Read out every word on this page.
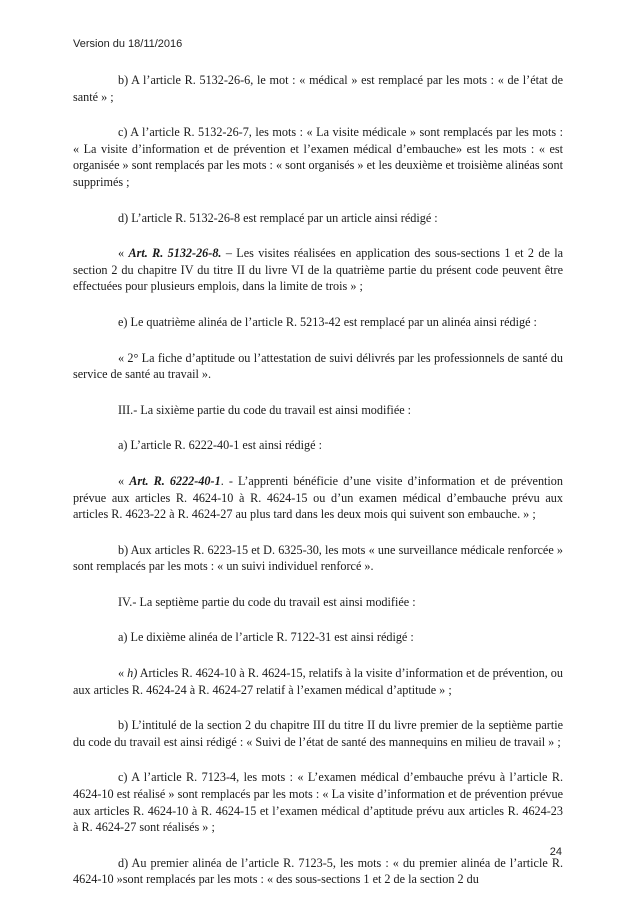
Version du 18/11/2016

b) A l’article R. 5132-26-6, le mot : « médical » est remplacé par les mots : « de l’état de santé » ;

c) A l’article R. 5132-26-7, les mots : « La visite médicale » sont remplacés par les mots : « La visite d’information et de prévention et l’examen médical d’embauche» est les mots : « est organisée » sont remplacés par les mots : « sont organisés » et les deuxième et troisième alinéas sont supprimés ;

d) L’article R. 5132-26-8 est remplacé par un article ainsi rédigé :

« Art. R. 5132-26-8. – Les visites réalisées en application des sous-sections 1 et 2 de la section 2 du chapitre IV du titre II du livre VI de la quatrième partie du présent code peuvent être effectuées pour plusieurs emplois, dans la limite de trois » ;

e) Le quatrième alinéa de l’article R. 5213-42 est remplacé par un alinéa ainsi rédigé :

« 2° La fiche d’aptitude ou l’attestation de suivi délivrés par les professionnels de santé du service de santé au travail ».

III.- La sixième partie du code du travail est ainsi modifiée :

a) L’article R. 6222-40-1 est ainsi rédigé :

« Art. R. 6222-40-1. - L’apprenti bénéficie d’une visite d’information et de prévention prévue aux articles R. 4624-10 à R. 4624-15 ou d’un examen médical d’embauche prévu aux articles R. 4623-22 à R. 4624-27 au plus tard dans les deux mois qui suivent son embauche. » ;

b) Aux articles R. 6223-15 et D. 6325-30, les mots « une surveillance médicale renforcée » sont remplacés par les mots : « un suivi individuel renforcé ».

IV.- La septième partie du code du travail est ainsi modifiée :

a) Le dixième alinéa de l’article R. 7122-31 est ainsi rédigé :

« h) Articles R. 4624-10 à R. 4624-15, relatifs à la visite d’information et de prévention, ou aux articles R. 4624-24 à R. 4624-27 relatif à l’examen médical d’aptitude » ;

b) L’intitulé de la section 2 du chapitre III du titre II du livre premier de la septième partie du code du travail est ainsi rédigé : « Suivi de l’état de santé des mannequins en milieu de travail » ;

c) A l’article R. 7123-4, les mots : « L’examen médical d’embauche prévu à l’article R. 4624-10 est réalisé » sont remplacés par les mots : « La visite d’information et de prévention prévue aux articles R. 4624-10 à R. 4624-15 et l’examen médical d’aptitude prévu aux articles R. 4624-23 à R. 4624-27 sont réalisés » ;

d) Au premier alinéa de l’article R. 7123-5, les mots : « du premier alinéa de l’article R. 4624-10 »sont remplacés par les mots : « des sous-sections 1 et 2 de la section 2 du

24
